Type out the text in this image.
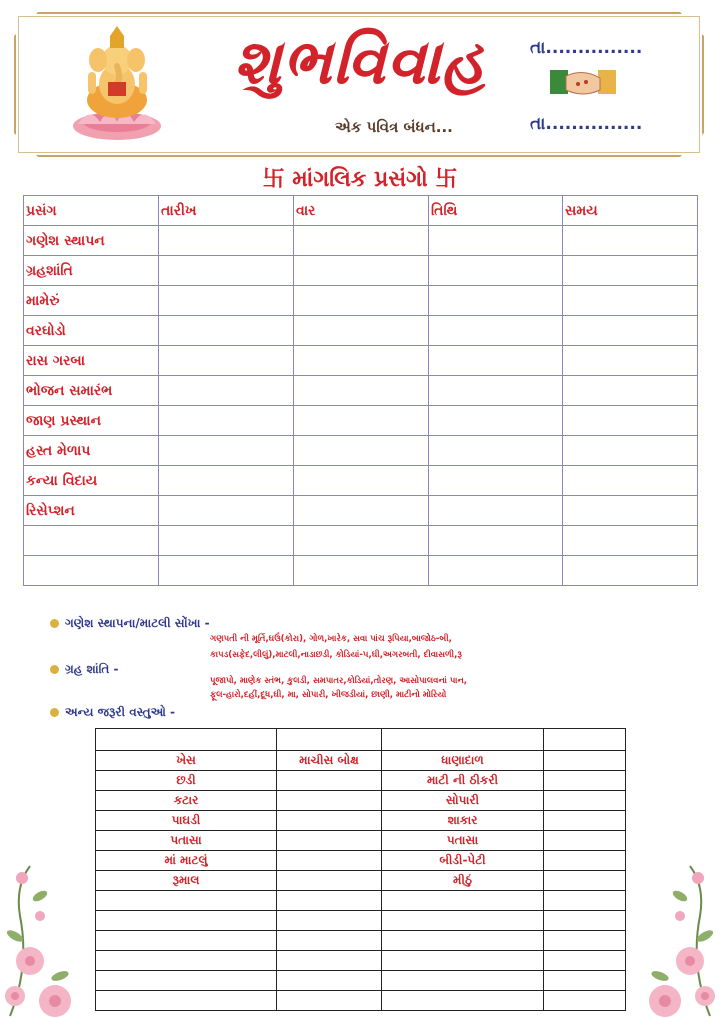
શુભવિવાહ
એક પવિત્ર બંધન...
તા...............
તા...............
卐 માંગલિક પ્રસંગો 卐
પ્રસંગ	તારીખ	વાર	તિથિ	સમય
ગણેશ સ્થાપન				
ગ્રહશાંતિ				
મામેરું				
વરઘોડો				
રાસ ગરબા				
ભોજન સમારંભ				
જાણ પ્રસ્થાન				
હસ્ત મેળાપ				
કન્યા વિદાય				
રિસેપ્શન				

ગણેશ સ્થાપના/માટલી સોંખા -
ગણપતી ની મૂર્તિ,ઘઉં(કોરા), ગોળ,ખારેક, સવા પાંચ રૂપિયા,બાજોઠ-બી,
કાપડ(સફેદ,લીલું),માટલી,નાડાછડી, કોડિયાં-૫,ઘી,અગરબતી, દીવાસળી,રૂ
ગ્રહ શાંતિ -
પૂજાપો, માણેક સ્તંભ, કુલડી, સમપાતર,કોડિયાં,તોરણ, આસોપાલવનાં પાન,
ફૂલ-હારો,દહીં,દૂધ,ઘી, મા, સોપારી, ખીજડીયાં, છાણી, માટીનો મોરિયો
અન્ય જરૂરી વસ્તુઓ -

ખેસ	માચીસ બોક્ષ	ધાણાદાળ	
છડી		માટી ની ઠીકરી	
કટાર		સોપારી	
પાઘડી		શાકાર	
પતાસા		પતાસા	
માં માટલું		બીડી-પેટી	
રૂમાલ		મીઠું	
